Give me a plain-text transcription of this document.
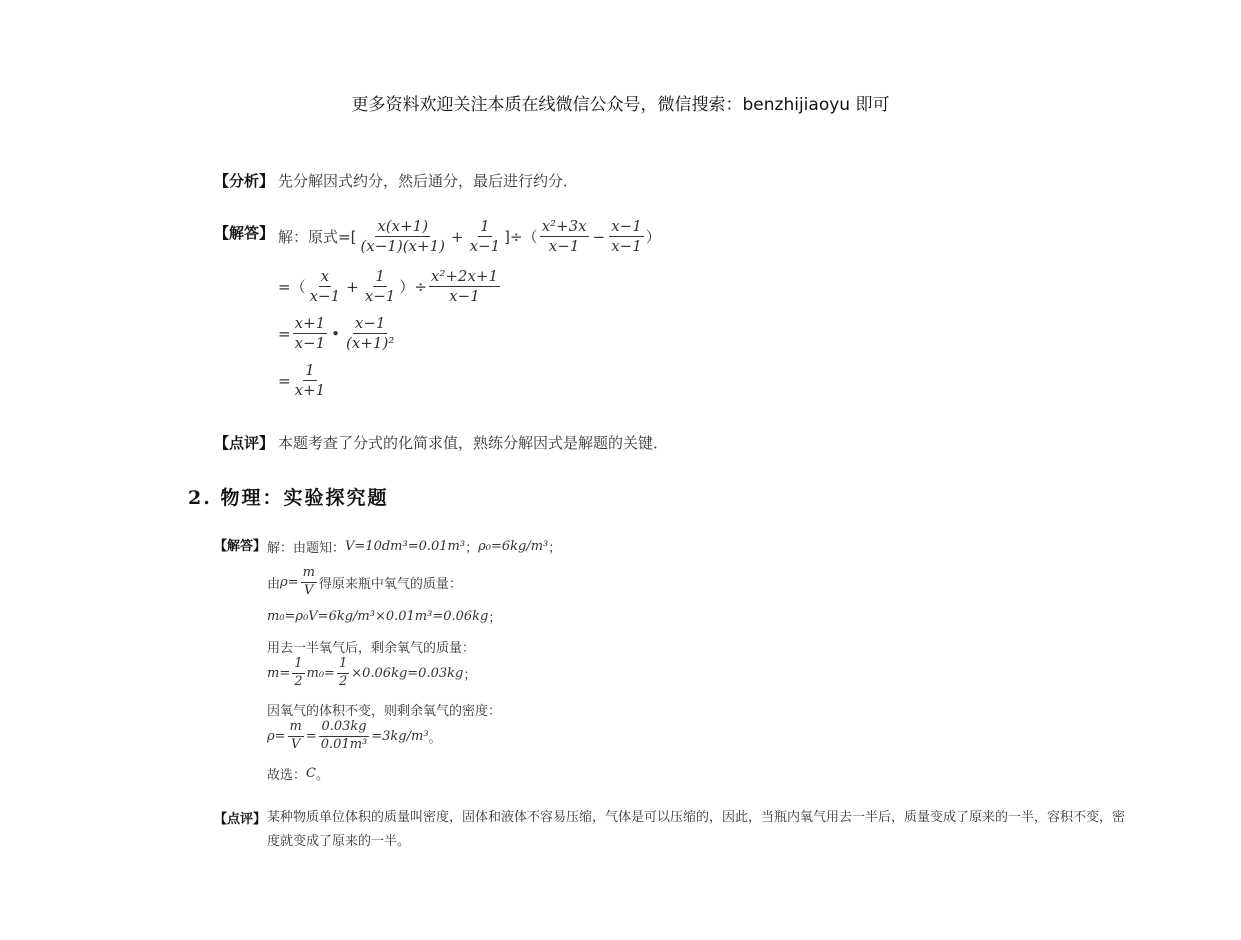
更多资料欢迎关注本质在线微信公众号，微信搜索：benzhijiaoyu 即可
【分析】 先分解因式约分，然后通分，最后进行约分．
【解答】 解：原式=[ $\frac{x(x+1)}{(x-1)(x+1)} + \frac{1}{x-1}$ ]÷（ $\frac{\text{x²+3x}}{x-1} - \frac{x-1}{x-1}$ ）
=（ $\frac{x}{x-1} + \frac{1}{x-1}$ ）÷ $\frac{\text{x²+2x+1}}{x-1}$
= $\frac{x+1}{x-1}$ • $\frac{x-1}{\text{(x+1)²}}$
= $\frac{1}{x+1}$
【点评】 本题考查了分式的化简求值，熟练分解因式是解题的关键．
2. 物理：实验探究题
【解答】 解：由题知： V=10dm³=0.01m³ ； ρ₀=6kg/m³ ；
由 $\rho= \frac{m}{V}$ 得原来瓶中氧气的质量：
m₀=ρ₀V=6kg/m³×0.01m³=0.06kg ；
用去一半氧气后，剩余氧气的质量：
$m= \frac{1}{2} m_0= \frac{1}{2} \times 0.06kg=0.03kg$ ；
因氧气的体积不变，则剩余氧气的密度：
$\rho= \frac{m}{V} = \frac{0.03kg}{\text{0.01m³}} =3kg/m^3$ 。
故选： C 。
【点评】 某种物质单位体积的质量叫密度，固体和液体不容易压缩，气体是可以压缩的，因此，当瓶内氧气用去一半后，质量变成了原来的一半，容积不变，密度就变成了原来的一半。
